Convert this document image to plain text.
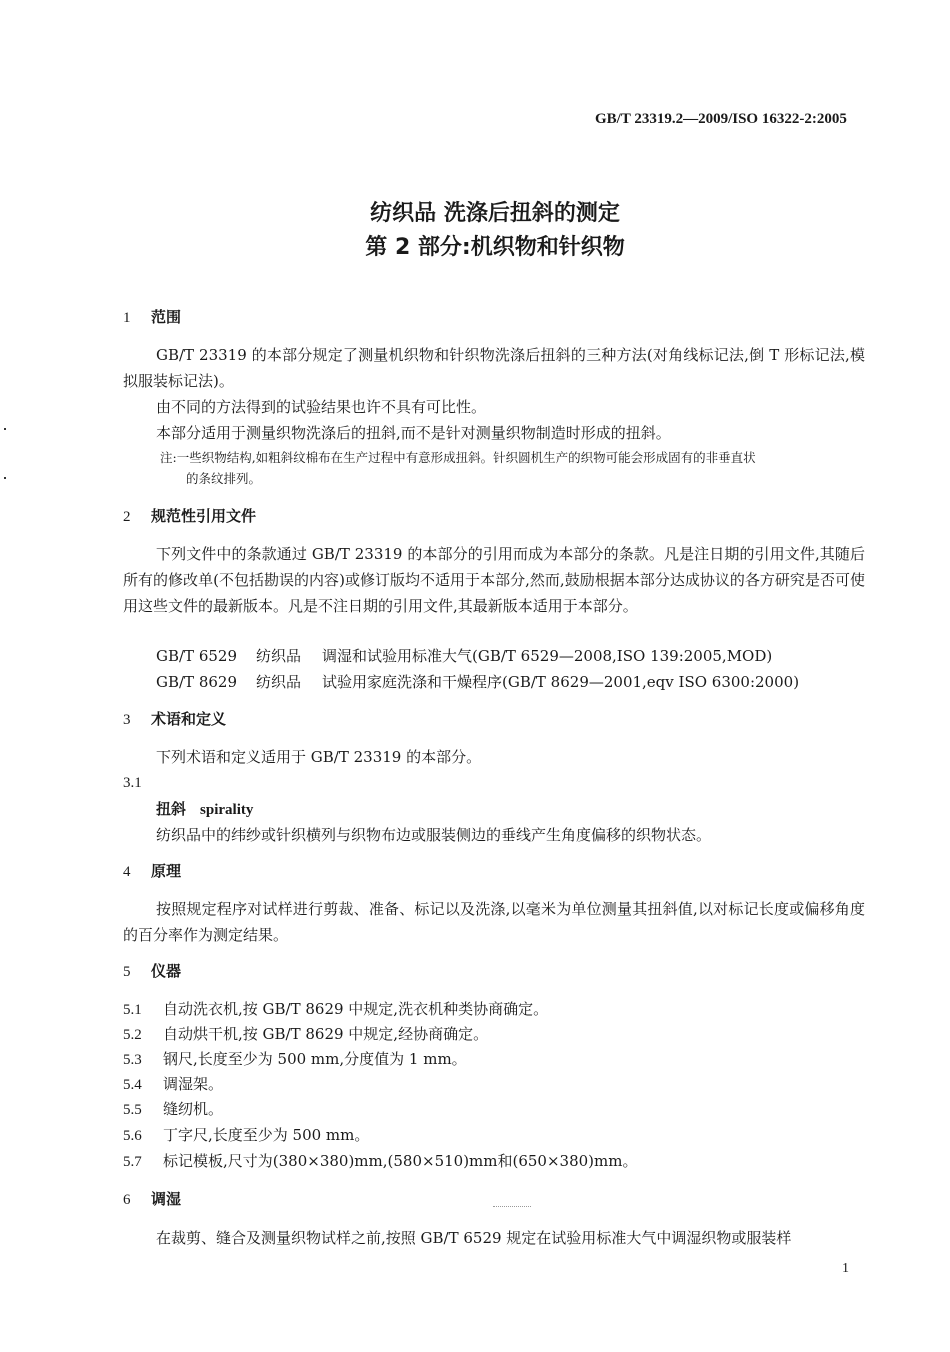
GB/T 23319.2—2009/ISO 16322-2:2005
纺织品 洗涤后扭斜的测定
第 2 部分:机织物和针织物
1 范围
GB/T 23319 的本部分规定了测量机织物和针织物洗涤后扭斜的三种方法(对角线标记法,倒 T 形标记法,模拟服装标记法)。
由不同的方法得到的试验结果也许不具有可比性。
本部分适用于测量织物洗涤后的扭斜,而不是针对测量织物制造时形成的扭斜。
注:一些织物结构,如粗斜纹棉布在生产过程中有意形成扭斜。针织圆机生产的织物可能会形成固有的非垂直状
的条纹排列。
2 规范性引用文件
下列文件中的条款通过 GB/T 23319 的本部分的引用而成为本部分的条款。凡是注日期的引用文件,其随后所有的修改单(不包括勘误的内容)或修订版均不适用于本部分,然而,鼓励根据本部分达成协议的各方研究是否可使用这些文件的最新版本。凡是不注日期的引用文件,其最新版本适用于本部分。
GB/T 6529 纺织品 调湿和试验用标准大气(GB/T 6529—2008,ISO 139:2005,MOD)
GB/T 8629 纺织品 试验用家庭洗涤和干燥程序(GB/T 8629—2001,eqv ISO 6300:2000)
3 术语和定义
下列术语和定义适用于 GB/T 23319 的本部分。
3.1
扭斜 spirality
纺织品中的纬纱或针织横列与织物布边或服装侧边的垂线产生角度偏移的织物状态。
4 原理
按照规定程序对试样进行剪裁、准备、标记以及洗涤,以毫米为单位测量其扭斜值,以对标记长度或偏移角度的百分率作为测定结果。
5 仪器
5.1 自动洗衣机,按 GB/T 8629 中规定,洗衣机种类协商确定。
5.2 自动烘干机,按 GB/T 8629 中规定,经协商确定。
5.3 钢尺,长度至少为 500 mm,分度值为 1 mm。
5.4 调湿架。
5.5 缝纫机。
5.6 丁字尺,长度至少为 500 mm。
5.7 标记模板,尺寸为(380×380)mm,(580×510)mm和(650×380)mm。
6 调湿
在裁剪、缝合及测量织物试样之前,按照 GB/T 6529 规定在试验用标准大气中调湿织物或服装样
1
